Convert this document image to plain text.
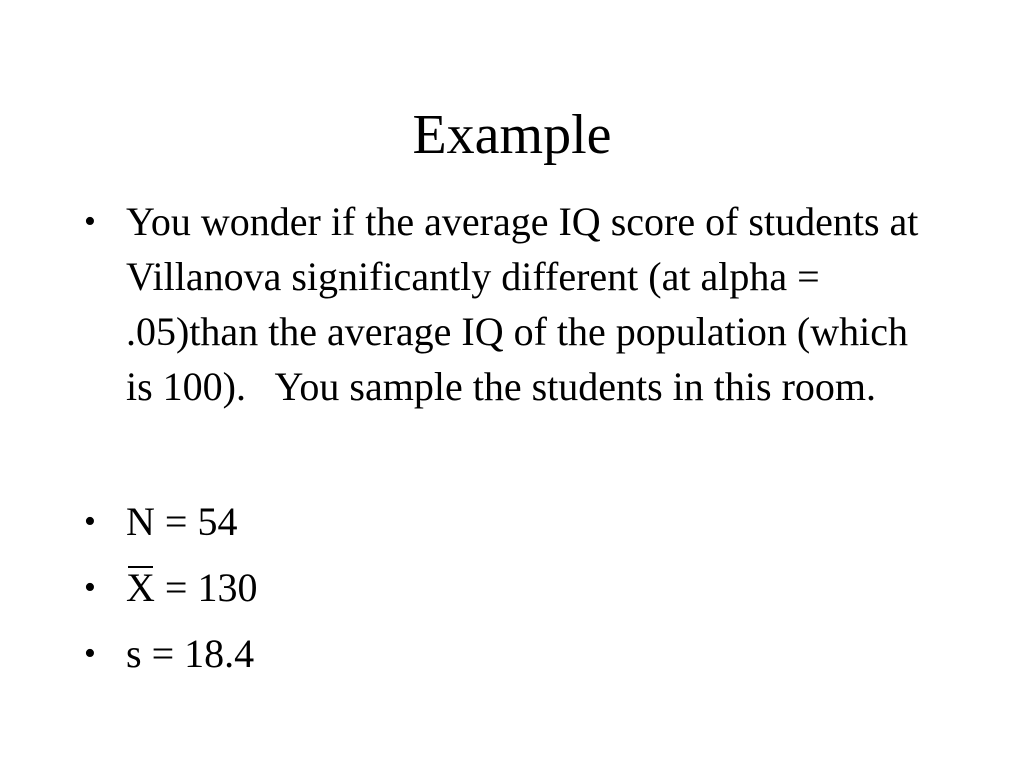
Example
• You wonder if the average IQ score of students at Villanova significantly different (at alpha = .05)than the average IQ of the population (which is 100).   You sample the students in this room.
• N = 54
• X = 130
• s = 18.4
